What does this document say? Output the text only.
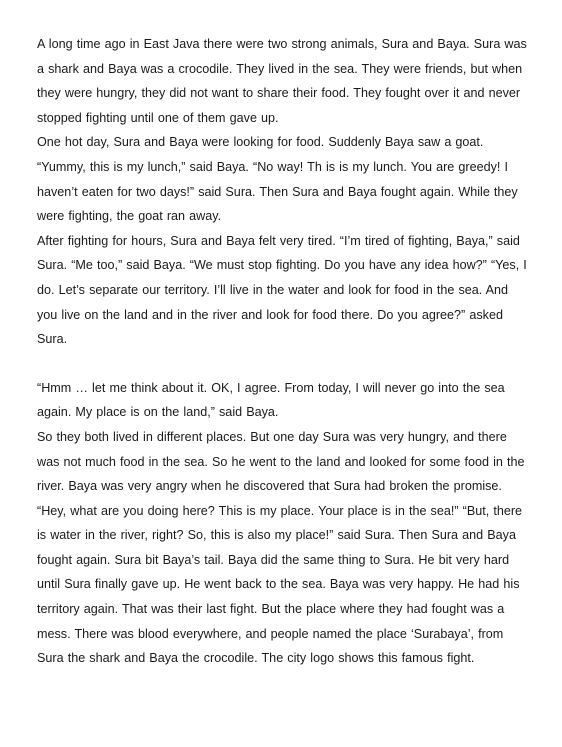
A long time ago in East Java there were two strong animals, Sura and Baya. Sura was a shark and Baya was a crocodile. They lived in the sea. They were friends, but when they were hungry, they did not want to share their food. They fought over it and never stopped fighting until one of them gave up.

One hot day, Sura and Baya were looking for food. Suddenly Baya saw a goat. “Yummy, this is my lunch,” said Baya. “No way! Th is is my lunch. You are greedy! I haven’t eaten for two days!” said Sura. Then Sura and Baya fought again. While they were fighting, the goat ran away.

After fighting for hours, Sura and Baya felt very tired. “I’m tired of fighting, Baya,” said Sura. “Me too,” said Baya. “We must stop fighting. Do you have any idea how?” “Yes, I do. Let’s separate our territory. I’ll live in the water and look for food in the sea. And you live on the land and in the river and look for food there. Do you agree?” asked Sura.

“Hmm … let me think about it. OK, I agree. From today, I will never go into the sea again. My place is on the land,” said Baya.

So they both lived in different places. But one day Sura was very hungry, and there was not much food in the sea. So he went to the land and looked for some food in the river. Baya was very angry when he discovered that Sura had broken the promise. “Hey, what are you doing here? This is my place. Your place is in the sea!” “But, there is water in the river, right? So, this is also my place!” said Sura. Then Sura and Baya fought again. Sura bit Baya’s tail. Baya did the same thing to Sura. He bit very hard until Sura finally gave up. He went back to the sea. Baya was very happy. He had his territory again. That was their last fight. But the place where they had fought was a mess. There was blood everywhere, and people named the place ‘Surabaya’, from Sura the shark and Baya the crocodile. The city logo shows this famous fight.
